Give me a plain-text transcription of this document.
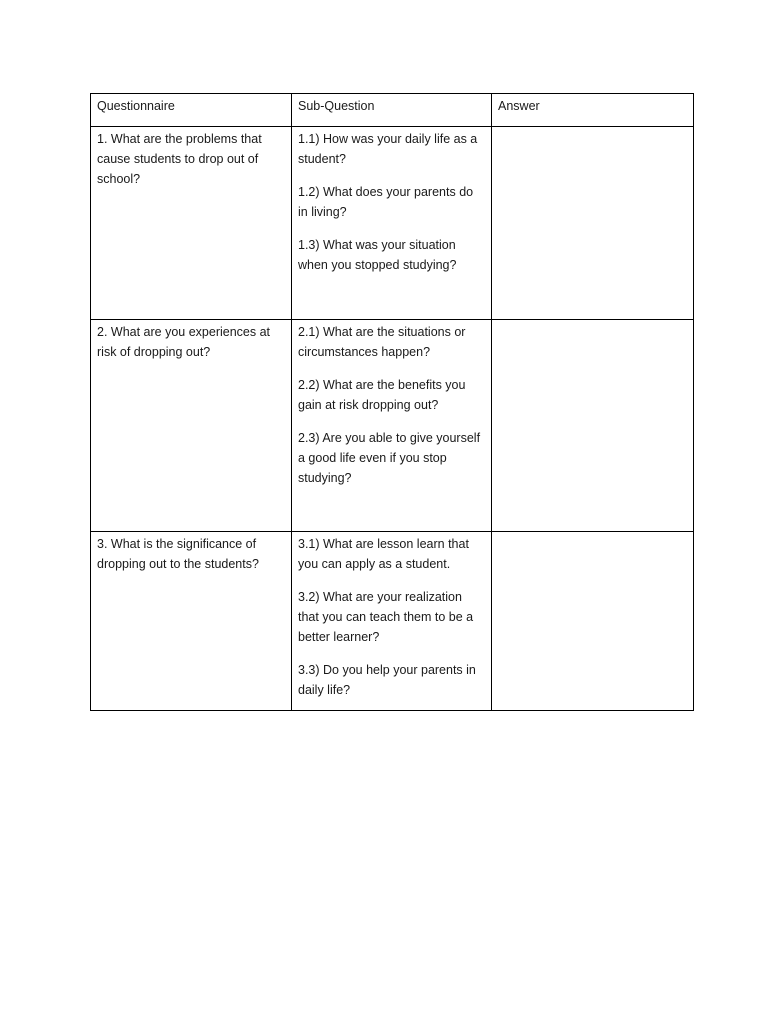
Questionnaire	Sub-Question	Answer

1. What are the problems that cause students to drop out of school?	1.1) How was your daily life as a student?
1.2) What does your parents do in living?
1.3) What was your situation when you stopped studying?	

2. What are you experiences at risk of dropping out?	2.1) What are the situations or circumstances happen?
2.2) What are the benefits you gain at risk dropping out?
2.3) Are you able to give yourself a good life even if you stop studying?	

3. What is the significance of dropping out to the students?	3.1) What are lesson learn that you can apply as a student.
3.2) What are your realization that you can teach them to be a better learner?
3.3) Do you help your parents in daily life?	
